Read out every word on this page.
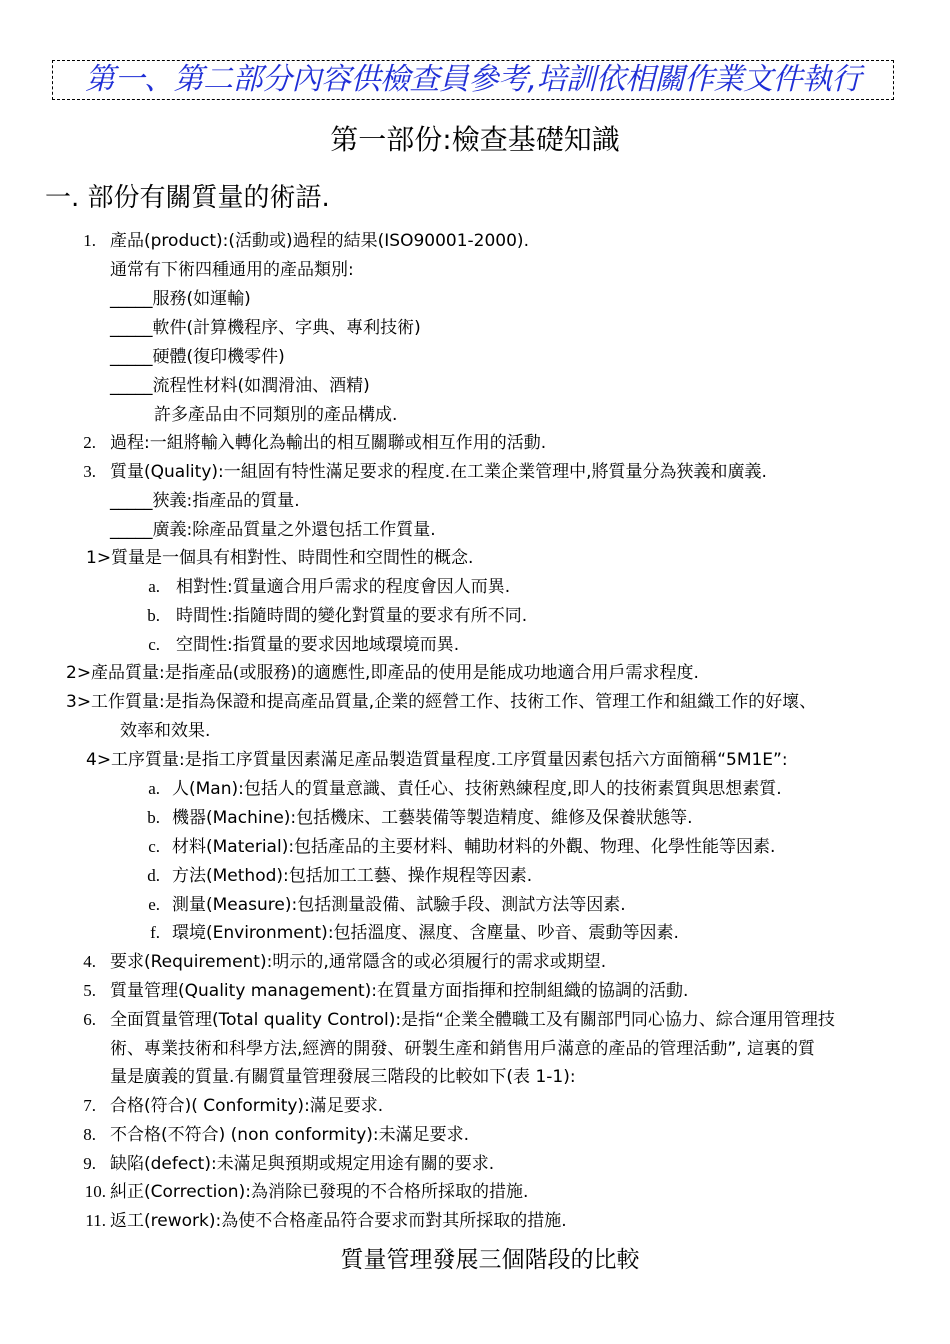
第一、第二部分內容供檢查員參考,培訓依相關作業文件執行
第一部份:檢查基礎知識
一. 部份有關質量的術語.
1. 產品(product):(活動或)過程的結果(ISO90001-2000).
通常有下術四種通用的產品類別:
_____服務(如運輸)
_____軟件(計算機程序、字典、專利技術)
_____硬體(復印機零件)
_____流程性材料(如潤滑油、酒精)
許多產品由不同類別的產品構成.
2. 過程:一組將輸入轉化為輸出的相互關聯或相互作用的活動.
3. 質量(Quality):一組固有特性滿足要求的程度.在工業企業管理中,將質量分為狹義和廣義.
_____狹義:指產品的質量.
_____廣義:除產品質量之外還包括工作質量.
1>質量是一個具有相對性、時間性和空間性的概念.
a. 相對性:質量適合用戶需求的程度會因人而異.
b. 時間性:指隨時間的變化對質量的要求有所不同.
c. 空間性:指質量的要求因地域環境而異.
2>產品質量:是指產品(或服務)的適應性,即產品的使用是能成功地適合用戶需求程度.
3>工作質量:是指為保證和提高產品質量,企業的經營工作、技術工作、管理工作和組織工作的好壞、
效率和效果.
4>工序質量:是指工序質量因素滿足產品製造質量程度.工序質量因素包括六方面簡稱“5M1E”:
a. 人(Man):包括人的質量意識、責任心、技術熟練程度,即人的技術素質與思想素質.
b. 機器(Machine):包括機床、工藝裝備等製造精度、維修及保養狀態等.
c. 材料(Material):包括產品的主要材料、輔助材料的外觀、物理、化學性能等因素.
d. 方法(Method):包括加工工藝、操作規程等因素.
e. 測量(Measure):包括測量設備、試驗手段、測試方法等因素.
f. 環境(Environment):包括溫度、濕度、含塵量、吵音、震動等因素.
4. 要求(Requirement):明示的,通常隱含的或必須履行的需求或期望.
5. 質量管理(Quality management):在質量方面指揮和控制組織的協調的活動.
6. 全面質量管理(Total quality Control):是指“企業全體職工及有關部門同心協力、綜合運用管理技
術、專業技術和科學方法,經濟的開發、研製生產和銷售用戶滿意的產品的管理活動”, 這裏的質
量是廣義的質量.有關質量管理發展三階段的比較如下(表 1-1):
7. 合格(符合)( Conformity):滿足要求.
8. 不合格(不符合) (non conformity):未滿足要求.
9. 缺陷(defect):未滿足與預期或規定用途有關的要求.
10. 糾正(Correction):為消除已發現的不合格所採取的措施.
11. 返工(rework):為使不合格產品符合要求而對其所採取的措施.
質量管理發展三個階段的比較
